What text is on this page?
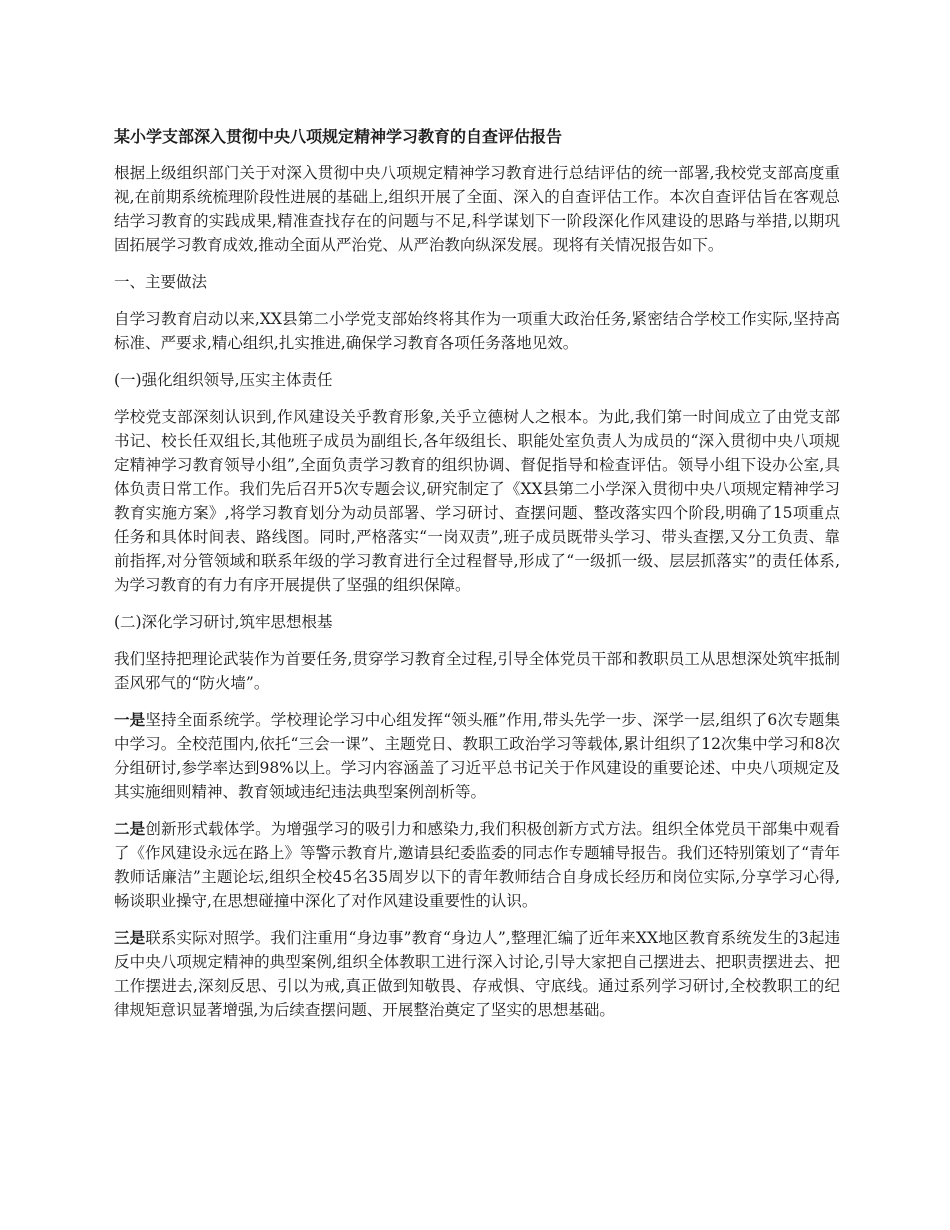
某小学支部深入贯彻中央八项规定精神学习教育的自查评估报告

根据上级组织部门关于对深入贯彻中央八项规定精神学习教育进行总结评估的统一部署,我校党支部高度重视,在前期系统梳理阶段性进展的基础上,组织开展了全面、深入的自查评估工作。本次自查评估旨在客观总结学习教育的实践成果,精准查找存在的问题与不足,科学谋划下一阶段深化作风建设的思路与举措,以期巩固拓展学习教育成效,推动全面从严治党、从严治教向纵深发展。现将有关情况报告如下。

一、主要做法

自学习教育启动以来,XX县第二小学党支部始终将其作为一项重大政治任务,紧密结合学校工作实际,坚持高标准、严要求,精心组织,扎实推进,确保学习教育各项任务落地见效。

(一)强化组织领导,压实主体责任

学校党支部深刻认识到,作风建设关乎教育形象,关乎立德树人之根本。为此,我们第一时间成立了由党支部书记、校长任双组长,其他班子成员为副组长,各年级组长、职能处室负责人为成员的“深入贯彻中央八项规定精神学习教育领导小组”,全面负责学习教育的组织协调、督促指导和检查评估。领导小组下设办公室,具体负责日常工作。我们先后召开5次专题会议,研究制定了《XX县第二小学深入贯彻中央八项规定精神学习教育实施方案》,将学习教育划分为动员部署、学习研讨、查摆问题、整改落实四个阶段,明确了15项重点任务和具体时间表、路线图。同时,严格落实“一岗双责”,班子成员既带头学习、带头查摆,又分工负责、靠前指挥,对分管领域和联系年级的学习教育进行全过程督导,形成了“一级抓一级、层层抓落实”的责任体系,为学习教育的有力有序开展提供了坚强的组织保障。

(二)深化学习研讨,筑牢思想根基

我们坚持把理论武装作为首要任务,贯穿学习教育全过程,引导全体党员干部和教职员工从思想深处筑牢抵制歪风邪气的“防火墙”。

一是坚持全面系统学。学校理论学习中心组发挥“领头雁”作用,带头先学一步、深学一层,组织了6次专题集中学习。全校范围内,依托“三会一课”、主题党日、教职工政治学习等载体,累计组织了12次集中学习和8次分组研讨,参学率达到98%以上。学习内容涵盖了习近平总书记关于作风建设的重要论述、中央八项规定及其实施细则精神、教育领域违纪违法典型案例剖析等。

二是创新形式载体学。为增强学习的吸引力和感染力,我们积极创新方式方法。组织全体党员干部集中观看了《作风建设永远在路上》等警示教育片,邀请县纪委监委的同志作专题辅导报告。我们还特别策划了“青年教师话廉洁”主题论坛,组织全校45名35周岁以下的青年教师结合自身成长经历和岗位实际,分享学习心得,畅谈职业操守,在思想碰撞中深化了对作风建设重要性的认识。

三是联系实际对照学。我们注重用“身边事”教育“身边人”,整理汇编了近年来XX地区教育系统发生的3起违反中央八项规定精神的典型案例,组织全体教职工进行深入讨论,引导大家把自己摆进去、把职责摆进去、把工作摆进去,深刻反思、引以为戒,真正做到知敬畏、存戒惧、守底线。通过系列学习研讨,全校教职工的纪律规矩意识显著增强,为后续查摆问题、开展整治奠定了坚实的思想基础。
